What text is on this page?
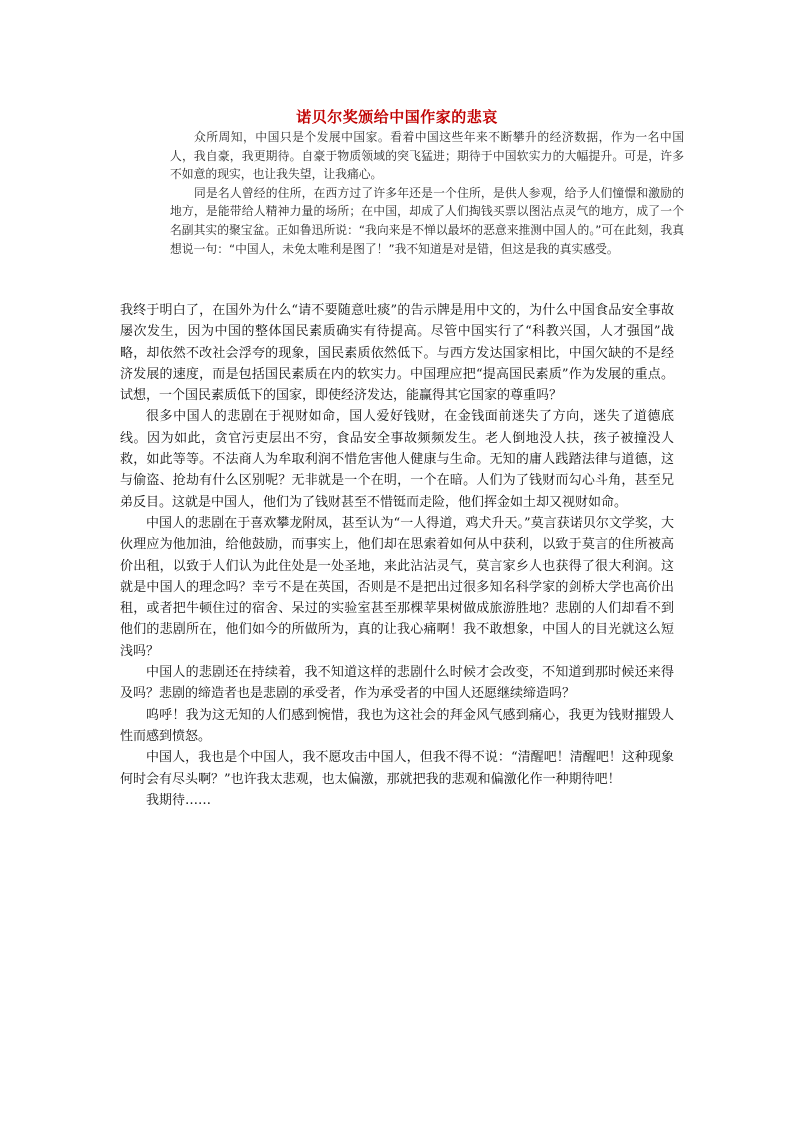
诺贝尔奖颁给中国作家的悲哀

众所周知，中国只是个发展中国家。看着中国这些年来不断攀升的经济数据，作为一名中国人，我自豪，我更期待。自豪于物质领域的突飞猛进；期待于中国软实力的大幅提升。可是，许多不如意的现实，也让我失望，让我痛心。

同是名人曾经的住所，在西方过了许多年还是一个住所，是供人参观，给予人们憧憬和激励的地方，是能带给人精神力量的场所；在中国，却成了人们掏钱买票以图沾点灵气的地方，成了一个名副其实的聚宝盆。正如鲁迅所说：“我向来是不惮以最坏的恶意来推测中国人的。”可在此刻，我真想说一句：“中国人，未免太唯利是图了！”我不知道是对是错，但这是我的真实感受。

我终于明白了，在国外为什么“请不要随意吐痰”的告示牌是用中文的，为什么中国食品安全事故屡次发生，因为中国的整体国民素质确实有待提高。尽管中国实行了“科教兴国，人才强国”战略，却依然不改社会浮夸的现象，国民素质依然低下。与西方发达国家相比，中国欠缺的不是经济发展的速度，而是包括国民素质在内的软实力。中国理应把“提高国民素质”作为发展的重点。试想，一个国民素质低下的国家，即使经济发达，能赢得其它国家的尊重吗？

很多中国人的悲剧在于视财如命，国人爱好钱财，在金钱面前迷失了方向，迷失了道德底线。因为如此，贪官污吏层出不穷，食品安全事故频频发生。老人倒地没人扶，孩子被撞没人救，如此等等。不法商人为牟取利润不惜危害他人健康与生命。无知的庸人践踏法律与道德，这与偷盗、抢劫有什么区别呢？无非就是一个在明，一个在暗。人们为了钱财而勾心斗角，甚至兄弟反目。这就是中国人，他们为了钱财甚至不惜铤而走险，他们挥金如土却又视财如命。

中国人的悲剧在于喜欢攀龙附凤，甚至认为“一人得道，鸡犬升天。”莫言获诺贝尔文学奖，大伙理应为他加油，给他鼓励，而事实上，他们却在思索着如何从中获利，以致于莫言的住所被高价出租，以致于人们认为此住处是一处圣地，来此沾沾灵气，莫言家乡人也获得了很大利润。这就是中国人的理念吗？幸亏不是在英国，否则是不是把出过很多知名科学家的剑桥大学也高价出租，或者把牛顿住过的宿舍、呆过的实验室甚至那棵苹果树做成旅游胜地？悲剧的人们却看不到他们的悲剧所在，他们如今的所做所为，真的让我心痛啊！我不敢想象，中国人的目光就这么短浅吗？

中国人的悲剧还在持续着，我不知道这样的悲剧什么时候才会改变，不知道到那时候还来得及吗？悲剧的缔造者也是悲剧的承受者，作为承受者的中国人还愿继续缔造吗？

呜呼！我为这无知的人们感到惋惜，我也为这社会的拜金风气感到痛心，我更为钱财摧毁人性而感到愤怒。

中国人，我也是个中国人，我不愿攻击中国人，但我不得不说：“清醒吧！清醒吧！这种现象何时会有尽头啊？”也许我太悲观，也太偏激，那就把我的悲观和偏激化作一种期待吧！

我期待……
